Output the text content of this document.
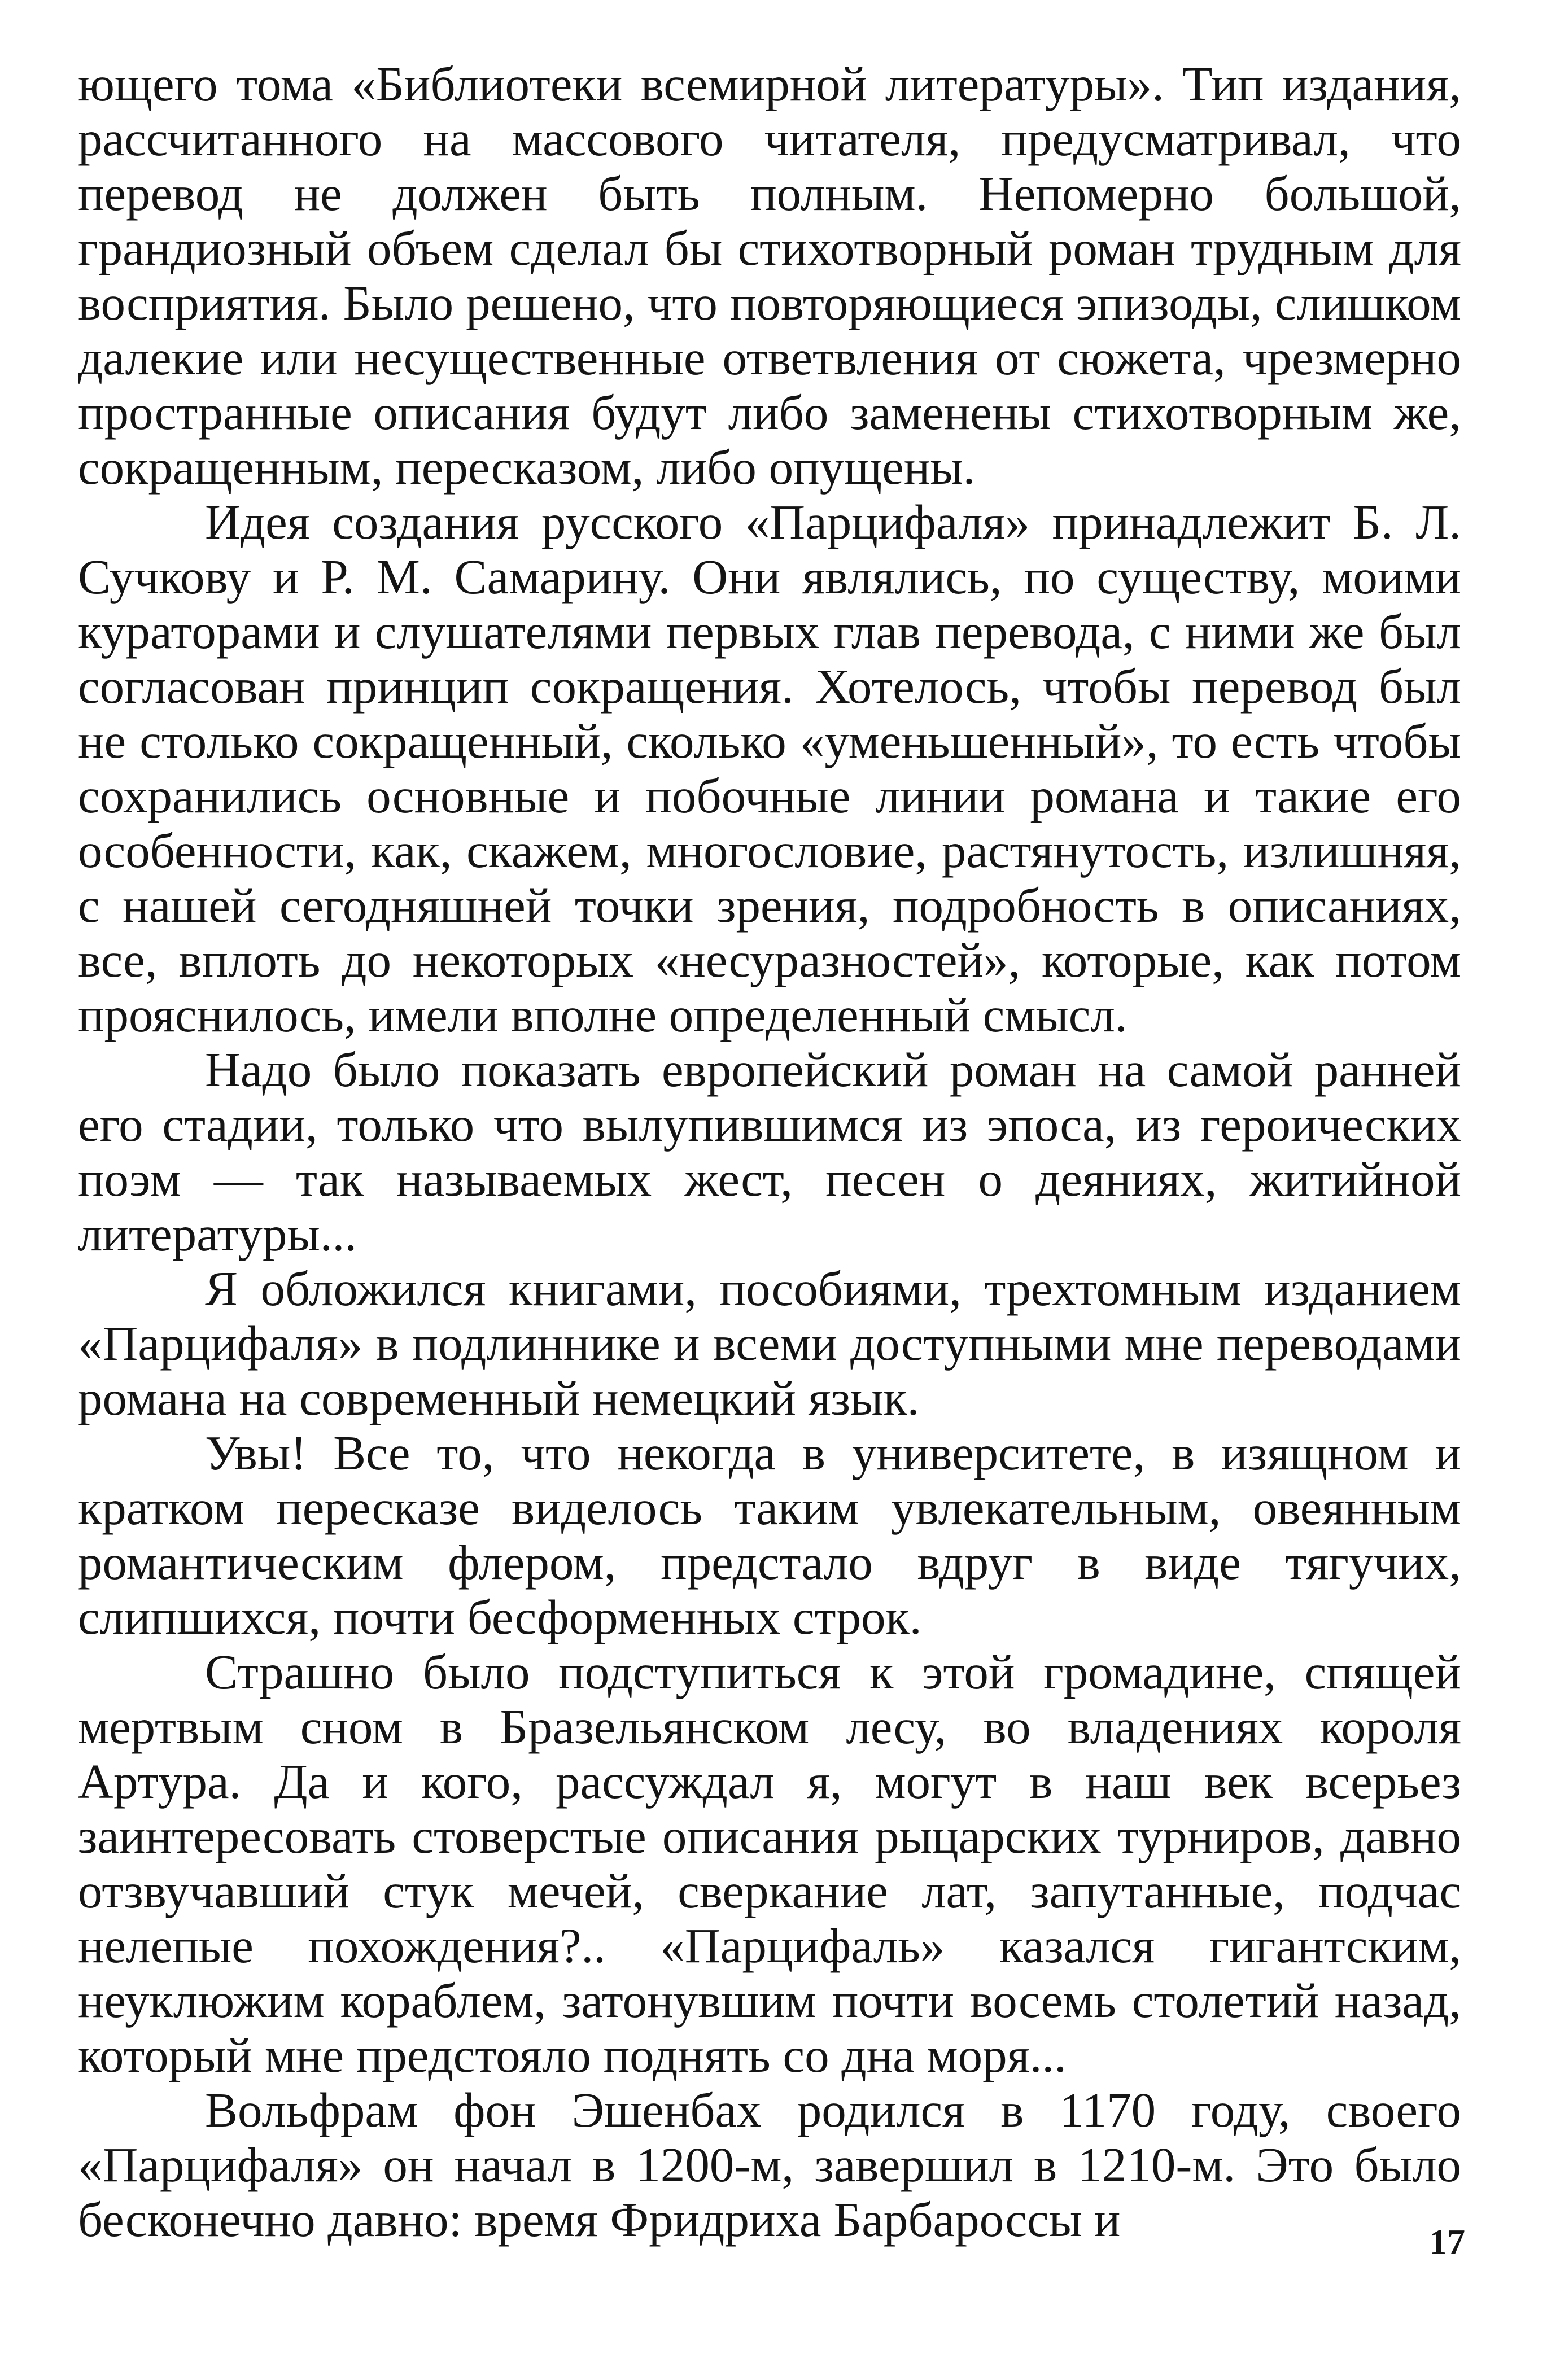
ющего тома «Библиотеки всемирной литературы». Тип издания, рассчитанного на массового читателя, предусматривал, что перевод не должен быть полным. Непомерно большой, грандиозный объем сделал бы стихотворный роман трудным для восприятия. Было решено, что повторяющиеся эпизоды, слишком далекие или несущественные ответвления от сюжета, чрезмерно пространные описания будут либо заменены стихотворным же, сокращенным, пересказом, либо опущены.

Идея создания русского «Парцифаля» принадлежит Б. Л. Сучкову и Р. М. Самарину. Они являлись, по существу, моими кураторами и слушателями первых глав перевода, с ними же был согласован принцип сокращения. Хотелось, чтобы перевод был не столько сокращенный, сколько «уменьшенный», то есть чтобы сохранились основные и побочные линии романа и такие его особенности, как, скажем, многословие, растянутость, излишняя, с нашей сегодняшней точки зрения, подробность в описаниях, все, вплоть до некоторых «несуразностей», которые, как потом прояснилось, имели вполне определенный смысл.

Надо было показать европейский роман на самой ранней его стадии, только что вылупившимся из эпоса, из героических поэм — так называемых жест, песен о деяниях, житийной литературы...

Я обложился книгами, пособиями, трехтомным изданием «Парцифаля» в подлиннике и всеми доступными мне переводами романа на современный немецкий язык.

Увы! Все то, что некогда в университете, в изящном и кратком пересказе виделось таким увлекательным, овеянным романтическим флером, предстало вдруг в виде тягучих, слипшихся, почти бесформенных строк.

Страшно было подступиться к этой громадине, спящей мертвым сном в Бразельянском лесу, во владениях короля Артура. Да и кого, рассуждал я, могут в наш век всерьез заинтересовать стоверстые описания рыцарских турниров, давно отзвучавший стук мечей, сверкание лат, запутанные, подчас нелепые похождения?.. «Парцифаль» казался гигантским, неуклюжим кораблем, затонувшим почти восемь столетий назад, который мне предстояло поднять со дна моря...

Вольфрам фон Эшенбах родился в 1170 году, своего «Парцифаля» он начал в 1200-м, завершил в 1210-м. Это было бесконечно давно: время Фридриха Барбароссы и	17
